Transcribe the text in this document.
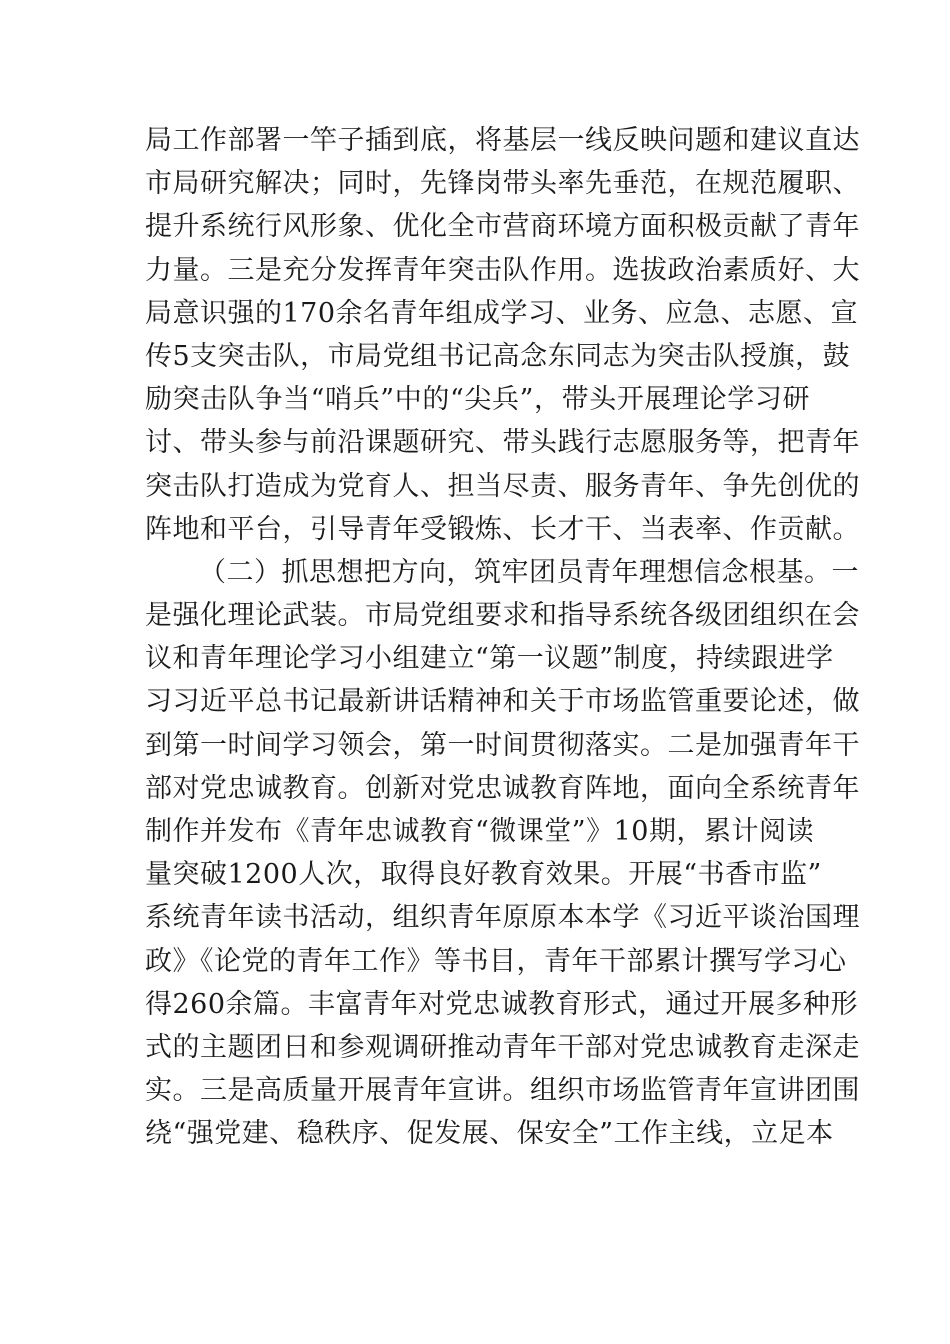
局工作部署一竿子插到底，将基层一线反映问题和建议直达
市局研究解决；同时，先锋岗带头率先垂范，在规范履职、
提升系统行风形象、优化全市营商环境方面积极贡献了青年
力量。三是充分发挥青年突击队作用。选拔政治素质好、大
局意识强的170余名青年组成学习、业务、应急、志愿、宣
传5支突击队，市局党组书记高念东同志为突击队授旗，鼓
励突击队争当“哨兵”中的“尖兵”，带头开展理论学习研
讨、带头参与前沿课题研究、带头践行志愿服务等，把青年
突击队打造成为党育人、担当尽责、服务青年、争先创优的
阵地和平台，引导青年受锻炼、长才干、当表率、作贡献。
（二）抓思想把方向，筑牢团员青年理想信念根基。一
是强化理论武装。市局党组要求和指导系统各级团组织在会
议和青年理论学习小组建立“第一议题”制度，持续跟进学
习习近平总书记最新讲话精神和关于市场监管重要论述，做
到第一时间学习领会，第一时间贯彻落实。二是加强青年干
部对党忠诚教育。创新对党忠诚教育阵地，面向全系统青年
制作并发布《青年忠诚教育“微课堂”》10期，累计阅读
量突破1200人次，取得良好教育效果。开展“书香市监”
系统青年读书活动，组织青年原原本本学《习近平谈治国理
政》《论党的青年工作》等书目，青年干部累计撰写学习心
得260余篇。丰富青年对党忠诚教育形式，通过开展多种形
式的主题团日和参观调研推动青年干部对党忠诚教育走深走
实。三是高质量开展青年宣讲。组织市场监管青年宣讲团围
绕“强党建、稳秩序、促发展、保安全”工作主线，立足本
